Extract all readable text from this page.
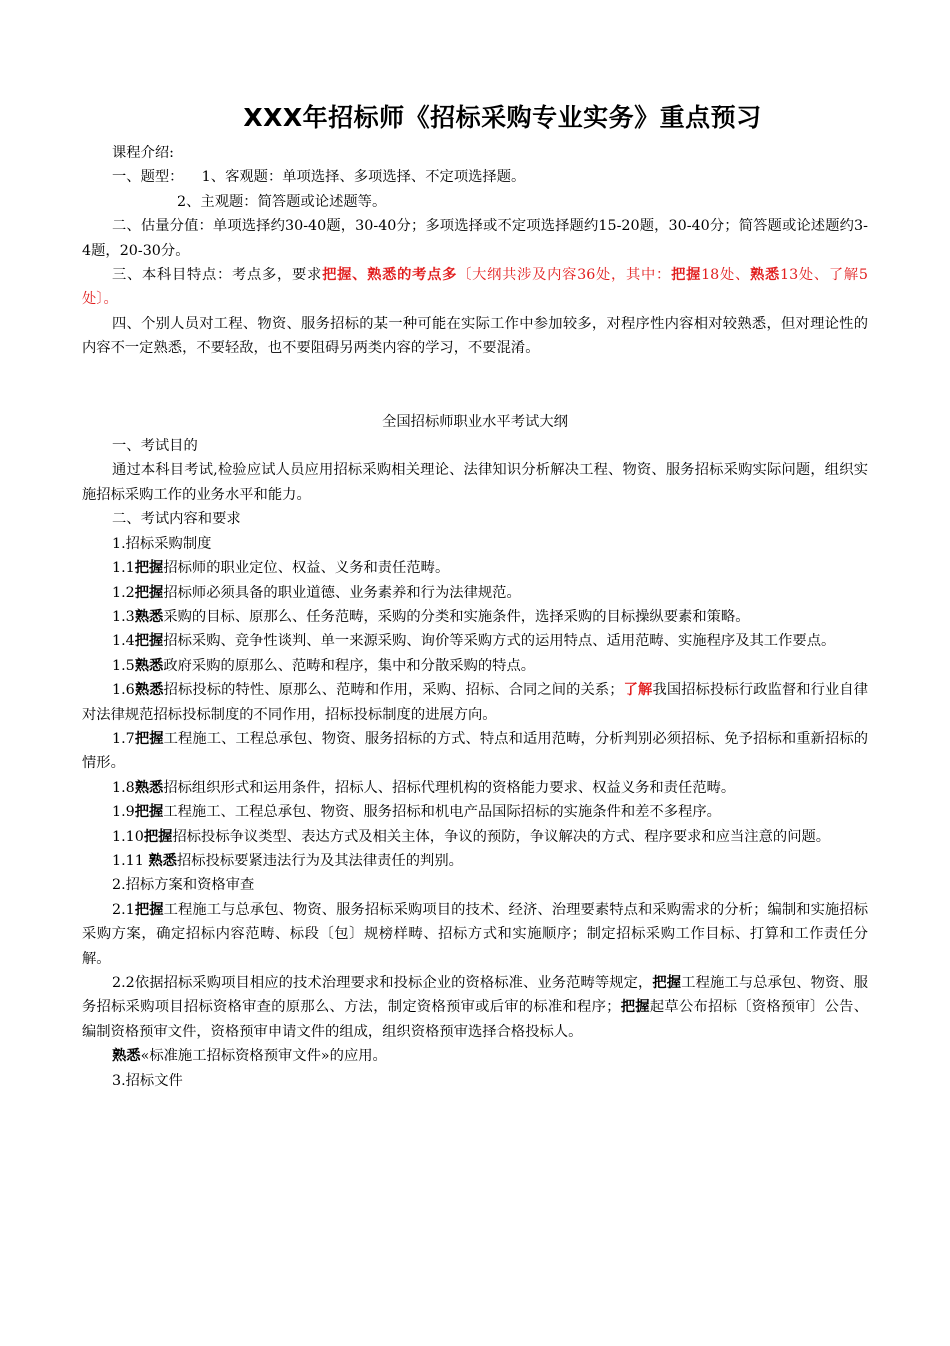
XXX年招标师《招标采购专业实务》重点预习

课程介绍:

一、题型： 1、客观题：单项选择、多项选择、不定项选择题。

2、主观题：简答题或论述题等。

二、估量分值：单项选择约30-40题，30-40分；多项选择或不定项选择题约15-20题，30-40分；简答题或论述题约3-4题，20-30分。

三、本科目特点：考点多，要求把握、熟悉的考点多〔大纲共涉及内容36处，其中：把握18处、熟悉13处、了解5处〕。

四、个别人员对工程、物资、服务招标的某一种可能在实际工作中参加较多，对程序性内容相对较熟悉，但对理论性的内容不一定熟悉，不要轻敌，也不要阻碍另两类内容的学习，不要混淆。

全国招标师职业水平考试大纲

一、考试目的

通过本科目考试,检验应试人员应用招标采购相关理论、法律知识分析解决工程、物资、服务招标采购实际问题，组织实施招标采购工作的业务水平和能力。

二、考试内容和要求

1.招标采购制度

1.1把握招标师的职业定位、权益、义务和责任范畴。

1.2把握招标师必须具备的职业道德、业务素养和行为法律规范。

1.3熟悉采购的目标、原那么、任务范畴，采购的分类和实施条件，选择采购的目标操纵要素和策略。

1.4把握招标采购、竞争性谈判、单一来源采购、询价等采购方式的运用特点、适用范畴、实施程序及其工作要点。

1.5熟悉政府采购的原那么、范畴和程序，集中和分散采购的特点。

1.6熟悉招标投标的特性、原那么、范畴和作用，采购、招标、合同之间的关系；了解我国招标投标行政监督和行业自律对法律规范招标投标制度的不同作用，招标投标制度的进展方向。

1.7把握工程施工、工程总承包、物资、服务招标的方式、特点和适用范畴，分析判别必须招标、免予招标和重新招标的情形。

1.8熟悉招标组织形式和运用条件，招标人、招标代理机构的资格能力要求、权益义务和责任范畴。

1.9把握工程施工、工程总承包、物资、服务招标和机电产品国际招标的实施条件和差不多程序。

1.10把握招标投标争议类型、表达方式及相关主体，争议的预防，争议解决的方式、程序要求和应当注意的问题。

1.11 熟悉招标投标要紧违法行为及其法律责任的判别。

2.招标方案和资格审查

2.1把握工程施工与总承包、物资、服务招标采购项目的技术、经济、治理要素特点和采购需求的分析；编制和实施招标采购方案，确定招标内容范畴、标段〔包〕规榜样畴、招标方式和实施顺序；制定招标采购工作目标、打算和工作责任分解。

2.2依据招标采购项目相应的技术治理要求和投标企业的资格标准、业务范畴等规定，把握工程施工与总承包、物资、服务招标采购项目招标资格审查的原那么、方法，制定资格预审或后审的标准和程序；把握起草公布招标〔资格预审〕公告、编制资格预审文件，资格预审申请文件的组成，组织资格预审选择合格投标人。

熟悉«标准施工招标资格预审文件»的应用。

3.招标文件
